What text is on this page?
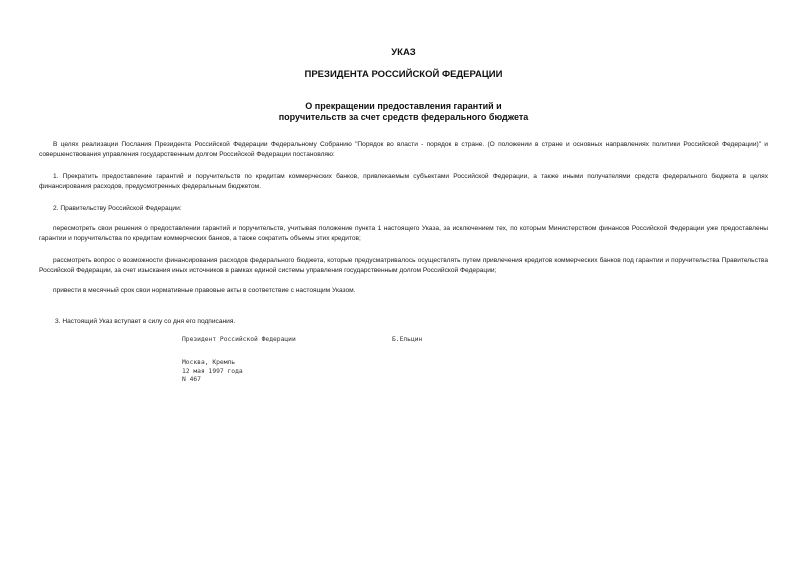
УКАЗ
ПРЕЗИДЕНТА РОССИЙСКОЙ ФЕДЕРАЦИИ
О прекращении предоставления гарантий и
поручительств за счет средств федерального бюджета
В целях реализации Послания Президента Российской Федерации Федеральному Собранию "Порядок во власти - порядок в стране. (О положении в стране и основных направлениях политики Российской Федерации)" и совершенствования управления государственным долгом Российской Федерации постановляю:
1. Прекратить предоставление гарантий и поручительств по кредитам коммерческих банков, привлекаемым субъектами Российской Федерации, а также иными получателями средств федерального бюджета в целях финансирования расходов, предусмотренных федеральным бюджетом.
2. Правительству Российской Федерации:
пересмотреть свои решения о предоставлении гарантий и поручительств, учитывая положение пункта 1 настоящего Указа, за исключением тех, по которым Министерством финансов Российской Федерации уже предоставлены гарантии и поручительства по кредитам коммерческих банков, а также сократить объемы этих кредитов;
рассмотреть вопрос о возможности финансирования расходов федерального бюджета, которые предусматривалось осуществлять путем привлечения кредитов коммерческих банков под гарантии и поручительства Правительства Российской Федерации, за счет изыскания иных источников в рамках единой системы управления государственным долгом Российской Федерации;
привести в месячный срок свои нормативные правовые акты в соответствие с настоящим Указом.
3. Настоящий Указ вступает в силу со дня его подписания.
Президент Российской Федерации	Б.Ельцин
Москва, Кремль
12 мая 1997 года
N 467
